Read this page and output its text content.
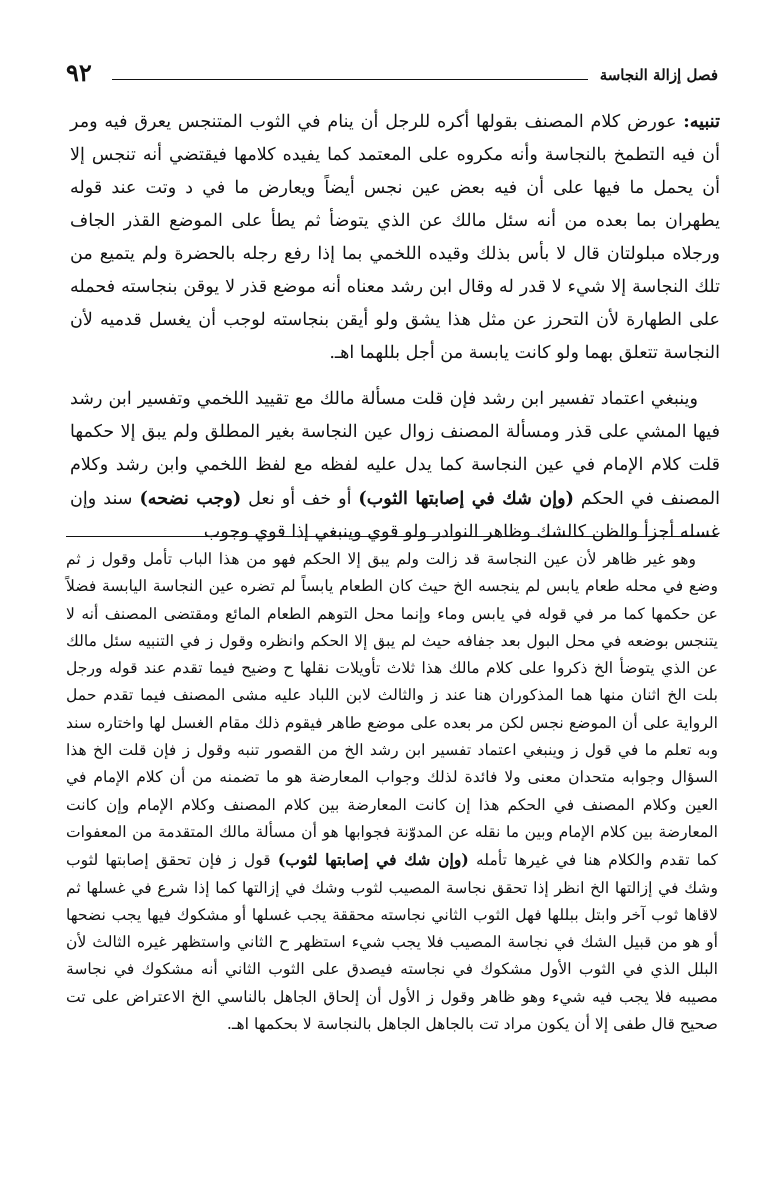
٩٢	فصل إزالة النجاسة

تنبيه: عورض كلام المصنف بقولها أكره للرجل أن ينام في الثوب المتنجس يعرق فيه ومر أن فيه التطمخ بالنجاسة وأنه مكروه على المعتمد كما يفيده كلامها فيقتضي أنه تنجس إلا أن يحمل ما فيها على أن فيه بعض عين نجس أيضاً ويعارض ما في د وتت عند قوله يطهران بما بعده من أنه سئل مالك عن الذي يتوضأ ثم يطأ على الموضع القذر الجاف ورجلاه مبلولتان قال لا بأس بذلك وقيده اللخمي بما إذا رفع رجله بالحضرة ولم يتميع من تلك النجاسة إلا شيء لا قدر له وقال ابن رشد معناه أنه موضع قذر لا يوقن بنجاسته فحمله على الطهارة لأن التحرز عن مثل هذا يشق ولو أيقن بنجاسته لوجب أن يغسل قدميه لأن النجاسة تتعلق بهما ولو كانت يابسة من أجل بللهما اهـ.

وينبغي اعتماد تفسير ابن رشد فإن قلت مسألة مالك مع تقييد اللخمي وتفسير ابن رشد فيها المشي على قذر ومسألة المصنف زوال عين النجاسة بغير المطلق ولم يبق إلا حكمها قلت كلام الإمام في عين النجاسة كما يدل عليه لفظه مع لفظ اللخمي وابن رشد وكلام المصنف في الحكم (وإن شك في إصابتها الثوب) أو خف أو نعل (وجب نضحه) سند وإن غسله أجزأ والظن كالشك وظاهر النوادر ولو قوي وينبغي إذا قوي وجوب

وهو غير ظاهر لأن عين النجاسة قد زالت ولم يبق إلا الحكم فهو من هذا الباب تأمل وقول ز ثم وضع في محله طعام يابس لم ينجسه الخ حيث كان الطعام يابساً لم تضره عين النجاسة اليابسة فضلاً عن حكمها كما مر في قوله في يابس وماء وإنما محل التوهم الطعام المائع ومقتضى المصنف أنه لا يتنجس بوضعه في محل البول بعد جفافه حيث لم يبق إلا الحكم وانظره وقول ز في التنبيه سئل مالك عن الذي يتوضأ الخ ذكروا على كلام مالك هذا ثلاث تأويلات نقلها ح وضيح فيما تقدم عند قوله ورجل بلت الخ اثنان منها هما المذكوران هنا عند ز والثالث لابن اللباد عليه مشى المصنف فيما تقدم حمل الرواية على أن الموضع نجس لكن مر بعده على موضع طاهر فيقوم ذلك مقام الغسل لها واختاره سند وبه تعلم ما في قول ز وينبغي اعتماد تفسير ابن رشد الخ من القصور تنبه وقول ز فإن قلت الخ هذا السؤال وجوابه متحدان معنى ولا فائدة لذلك وجواب المعارضة هو ما تضمنه من أن كلام الإمام في العين وكلام المصنف في الحكم هذا إن كانت المعارضة بين كلام المصنف وكلام الإمام وإن كانت المعارضة بين كلام الإمام وبين ما نقله عن المدوّنة فجوابها هو أن مسألة مالك المتقدمة من المعفوات كما تقدم والكلام هنا في غيرها تأمله (وإن شك في إصابتها لثوب) قول ز فإن تحقق إصابتها لثوب وشك في إزالتها الخ انظر إذا تحقق نجاسة المصيب لثوب وشك في إزالتها كما إذا شرع في غسلها ثم لاقاها ثوب آخر وابتل ببللها فهل الثوب الثاني نجاسته محققة يجب غسلها أو مشكوك فيها يجب نضحها أو هو من قبيل الشك في نجاسة المصيب فلا يجب شيء استظهر ح الثاني واستظهر غيره الثالث لأن البلل الذي في الثوب الأول مشكوك في نجاسته فيصدق على الثوب الثاني أنه مشكوك في نجاسة مصيبه فلا يجب فيه شيء وهو ظاهر وقول ز الأول أن إلحاق الجاهل بالناسي الخ الاعتراض على تت صحيح قال طفى إلا أن يكون مراد تت بالجاهل الجاهل بالنجاسة لا بحكمها اهـ.
